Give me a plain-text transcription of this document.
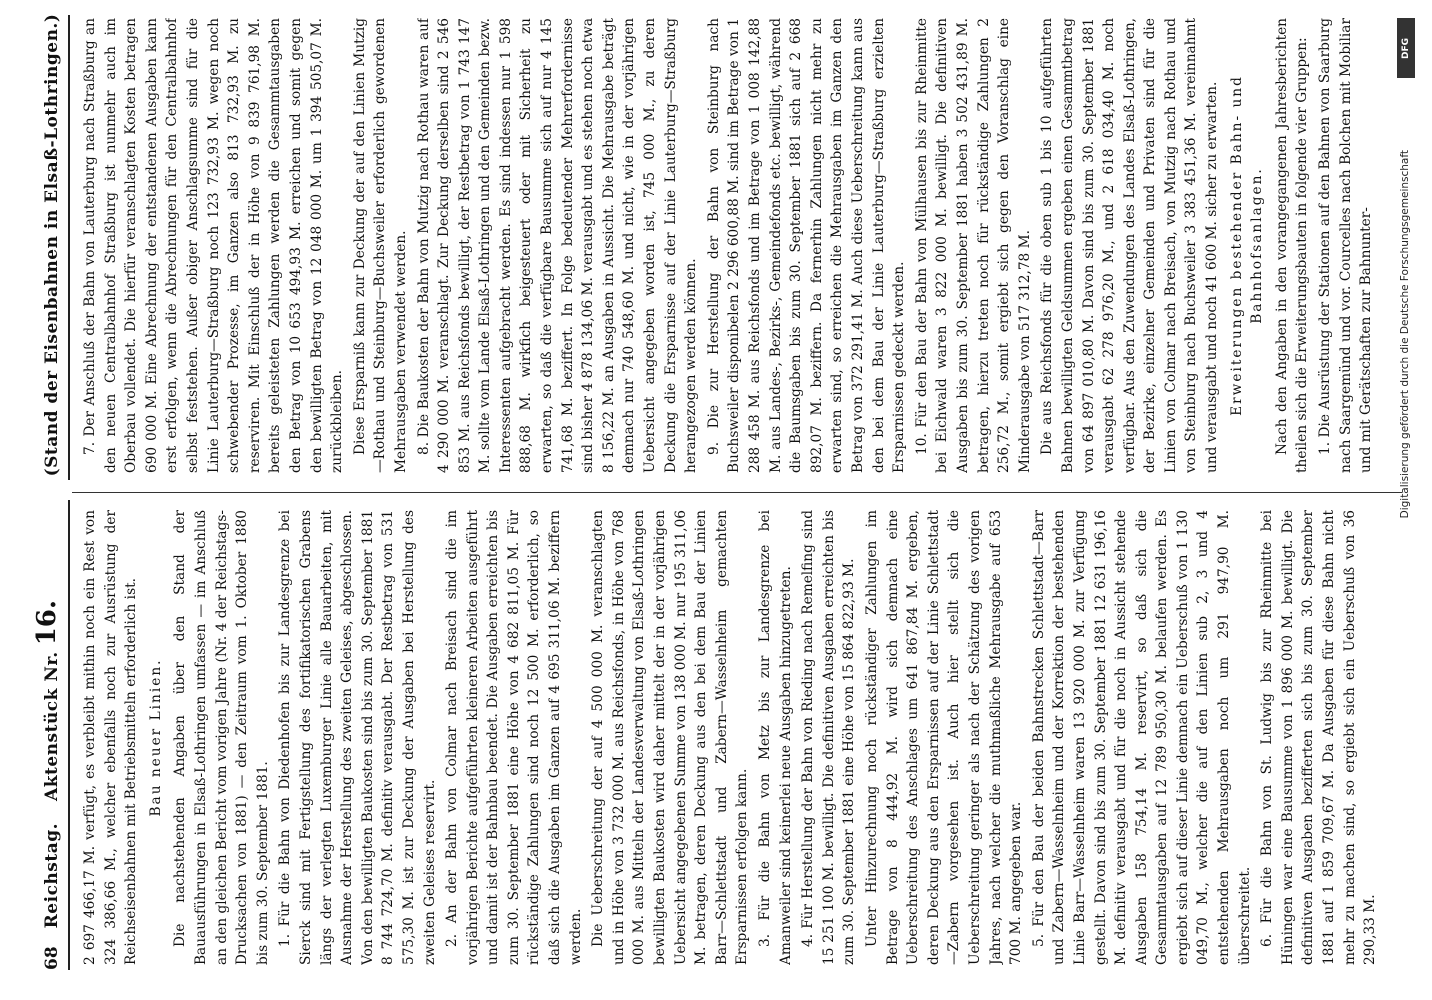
68
Reichstag.
Aktenstück Nr.
16.
(Stand der Eisenbahnen in Elsaß-Lothringen.)

2 697 466,17 M. verfügt, es verbleibt mithin noch ein Rest von 324 386,66 M., welcher ebenfalls noch zur Ausrüstung der Reichseisenbahnen mit Betriebsmitteln erforderlich ist. Bau neuer Linien. Die nachstehenden Angaben über den Stand der Bauausführungen in Elsaß-Lothringen umfassen — im Anschluß an den gleichen Bericht vom vorigen Jahre (Nr. 4 der Reichstags-Drucksachen von 1881) — den Zeitraum vom 1. Oktober 1880 bis zum 30. September 1881. 1. Für die Bahn von Diedenhofen bis zur Landesgrenze bei Sierck sind mit Fertigstellung des fortifikatorischen Grabens längs der verlegten Luxemburger Linie alle Bauarbeiten, mit Ausnahme der Herstellung des zweiten Geleises, abgeschlossen. Von den bewilligten Baukosten sind bis zum 30. September 1881 8 744 724,70 M. definitiv verausgabt. Der Restbetrag von 531 575,30 M. ist zur Deckung der Ausgaben bei Herstellung des zweiten Geleises reservirt. 2. An der Bahn von Colmar nach Breisach sind die im vorjährigen Berichte aufgeführten kleineren Arbeiten ausgeführt und damit ist der Bahnbau beendet. Die Ausgaben erreichten bis zum 30. September 1881 eine Höhe von 4 682 811,05 M. Für rückständige Zahlungen sind noch 12 500 M. erforderlich, so daß sich die Ausgaben im Ganzen auf 4 695 311,06 M. beziffern werden. Die Ueberschreitung der auf 4 500 000 M. veranschlagten und in Höhe von 3 732 000 M. aus Reichsfonds, in Höhe von 768 000 M. aus Mitteln der Landesverwaltung von Elsaß-Lothringen bewilligten Baukosten wird daher mittelt der in der vorjährigen Uebersicht angegebenen Summe von 138 000 M. nur 195 311,06 M. betragen, deren Deckung aus den bei dem Bau der Linien Barr—Schlettstadt und Zabern—Wasselnheim gemachten Ersparnissen erfolgen kann. 3. Für die Bahn von Metz bis zur Landesgrenze bei Amanweiler sind keinerlei neue Ausgaben hinzugetreten. 4. Für Herstellung der Bahn von Rieding nach Remelfing sind 15 251 100 M. bewilligt. Die definitiven Ausgaben erreichten bis zum 30. September 1881 eine Höhe von 15 864 822,93 M. Unter Hinzurechnung noch rückständiger Zahlungen im Betrage von 8 444,92 M. wird sich demnach eine Ueberschreitung des Anschlages um 641 867,84 M. ergeben, deren Deckung aus den Ersparnissen auf der Linie Schlettstadt—Zabern vorgesehen ist. Auch hier stellt sich die Ueberschreitung geringer als nach der Schätzung des vorigen Jahres, nach welcher die muthmaßliche Mehrausgabe auf 653 700 M. angegeben war. 5. Für den Bau der beiden Bahnstrecken Schlettstadt—Barr und Zabern—Wasselnheim und der Korrektion der bestehenden Linie Barr—Wasselnheim waren 13 920 000 M. zur Verfügung gestellt. Davon sind bis zum 30. September 1881 12 631 196,16 M. definitiv verausgabt und für die noch in Aussicht stehende Ausgaben 158 754,14 M. reservirt, so daß sich die Gesammtausgaben auf 12 789 950,30 M. belaufen werden. Es ergiebt sich auf dieser Linie demnach ein Ueberschuß von 1 130 049,70 M., welcher die auf den Linien sub 2, 3 und 4 entstehenden Mehrausgaben noch um 291 947,90 M. überschreitet. 6. Für die Bahn von St. Ludwig bis zur Rheinmitte bei Hüningen war eine Bausumme von 1 896 000 M. bewilligt. Die definitiven Ausgaben bezifferten sich bis zum 30. September 1881 auf 1 859 709,67 M. Da Ausgaben für diese Bahn nicht mehr zu machen sind, so ergiebt sich ein Ueberschuß von 36 290,33 M.

7. Der Anschluß der Bahn von Lauterburg nach Straßburg an den neuen Centralbahnhof Straßburg ist nunmehr auch im Oberbau vollendet. Die hierfür veranschlagten Kosten betragen 690 000 M. Eine Abrechnung der entstandenen Ausgaben kann erst erfolgen, wenn die Abrechnungen für den Centralbahnhof selbst feststehen. Außer obiger Anschlagsumme sind für die Linie Lauterburg—Straßburg noch 123 732,93 M. wegen noch schwebender Prozesse, im Ganzen also 813 732,93 M. zu reserviren. Mit Einschluß der in Höhe von 9 839 761,98 M. bereits geleisteten Zahlungen werden die Gesammtausgaben den Betrag von 10 653 494,93 M. erreichen und somit gegen den bewilligten Betrag von 12 048 000 M. um 1 394 505,07 M. zurückbleiben. Diese Ersparniß kann zur Deckung der auf den Linien Mutzig—Rothau und Steinburg—Buchsweiler erforderlich gewordenen Mehrausgaben verwendet werden. 8. Die Baukosten der Bahn von Mutzig nach Rothau waren auf 4 290 000 M. veranschlagt. Zur Deckung derselben sind 2 546 853 M. aus Reichsfonds bewilligt, der Restbetrag von 1 743 147 M. sollte vom Lande Elsaß-Lothringen und den Gemeinden bezw. Interessenten aufgebracht werden. Es sind indessen nur 1 598 888,68 M. wirkfich beigesteuert oder mit Sicherheit zu erwarten, so daß die verfügbare Bausumme sich auf nur 4 145 741,68 M. beziffert. In Folge bedeutender Mehrerfordernisse sind bisher 4 878 134,06 M. verausgabt und es stehen noch etwa 8 156,22 M. an Ausgaben in Aussicht. Die Mehrausgabe beträgt demnach nur 740 548,60 M. und nicht, wie in der vorjährigen Uebersicht angegeben worden ist, 745 000 M., zu deren Deckung die Ersparnisse auf der Linie Lauterburg—Straßburg herangezogen werden können. 9. Die zur Herstellung der Bahn von Steinburg nach Buchsweiler disponibelen 2 296 600,88 M. sind im Betrage von 1 288 458 M. aus Reichsfonds und im Betrage von 1 008 142,88 M. aus Landes-, Bezirks-, Gemeindefonds etc. bewilligt, während die Baumsgaben bis zum 30. September 1881 sich auf 2 668 892,07 M. beziffern. Da fernerhin Zahlungen nicht mehr zu erwarten sind, so erreichen die Mehrausgaben im Ganzen den Betrag von 372 291,41 M. Auch diese Ueberschreitung kann aus den bei dem Bau der Linie Lauterburg—Straßburg erzielten Ersparnissen gedeckt werden. 10. Für den Bau der Bahn von Mülhausen bis zur Rheinmitte bei Eichwald waren 3 822 000 M. bewilligt. Die definitiven Ausgaben bis zum 30. September 1881 haben 3 502 431,89 M. betragen, hierzu treten noch für rückständige Zahlungen 2 256,72 M., somit ergiebt sich gegen den Voranschlag eine Minderausgabe von 517 312,78 M. Die aus Reichsfonds für die oben sub 1 bis 10 aufgeführten Bahnen bewilligten Geldsummen ergeben einen Gesammtbetrag von 64 897 010,80 M. Davon sind bis zum 30. September 1881 verausgabt 62 278 976,20 M., und 2 618 034,40 M. noch verfügbar. Aus den Zuwendungen des Landes Elsaß-Lothringen, der Bezirke, einzelner Gemeinden und Privaten sind für die Linien von Colmar nach Breisach, von Mutzig nach Rothau und von Steinburg nach Buchsweiler 3 383 451,36 M. vereinnahmt und verausgabt und noch 41 600 M. sicher zu erwarten. Erweiterungen bestehender Bahn- und Bahnhofsanlagen. Nach den Angaben in den vorangegangenen Jahresberichten theilen sich die Erweiterungsbauten in folgende vier Gruppen: 1. Die Ausrüstung der Stationen auf den Bahnen von Saarburg nach Saargemünd und vor. Courcelles nach Bolchen mit Mobiliar und mit Gerätschaften zur Bahnunter-

DFG
Digitalisierung gefördert durch die Deutsche Forschungsgemeinschaft
